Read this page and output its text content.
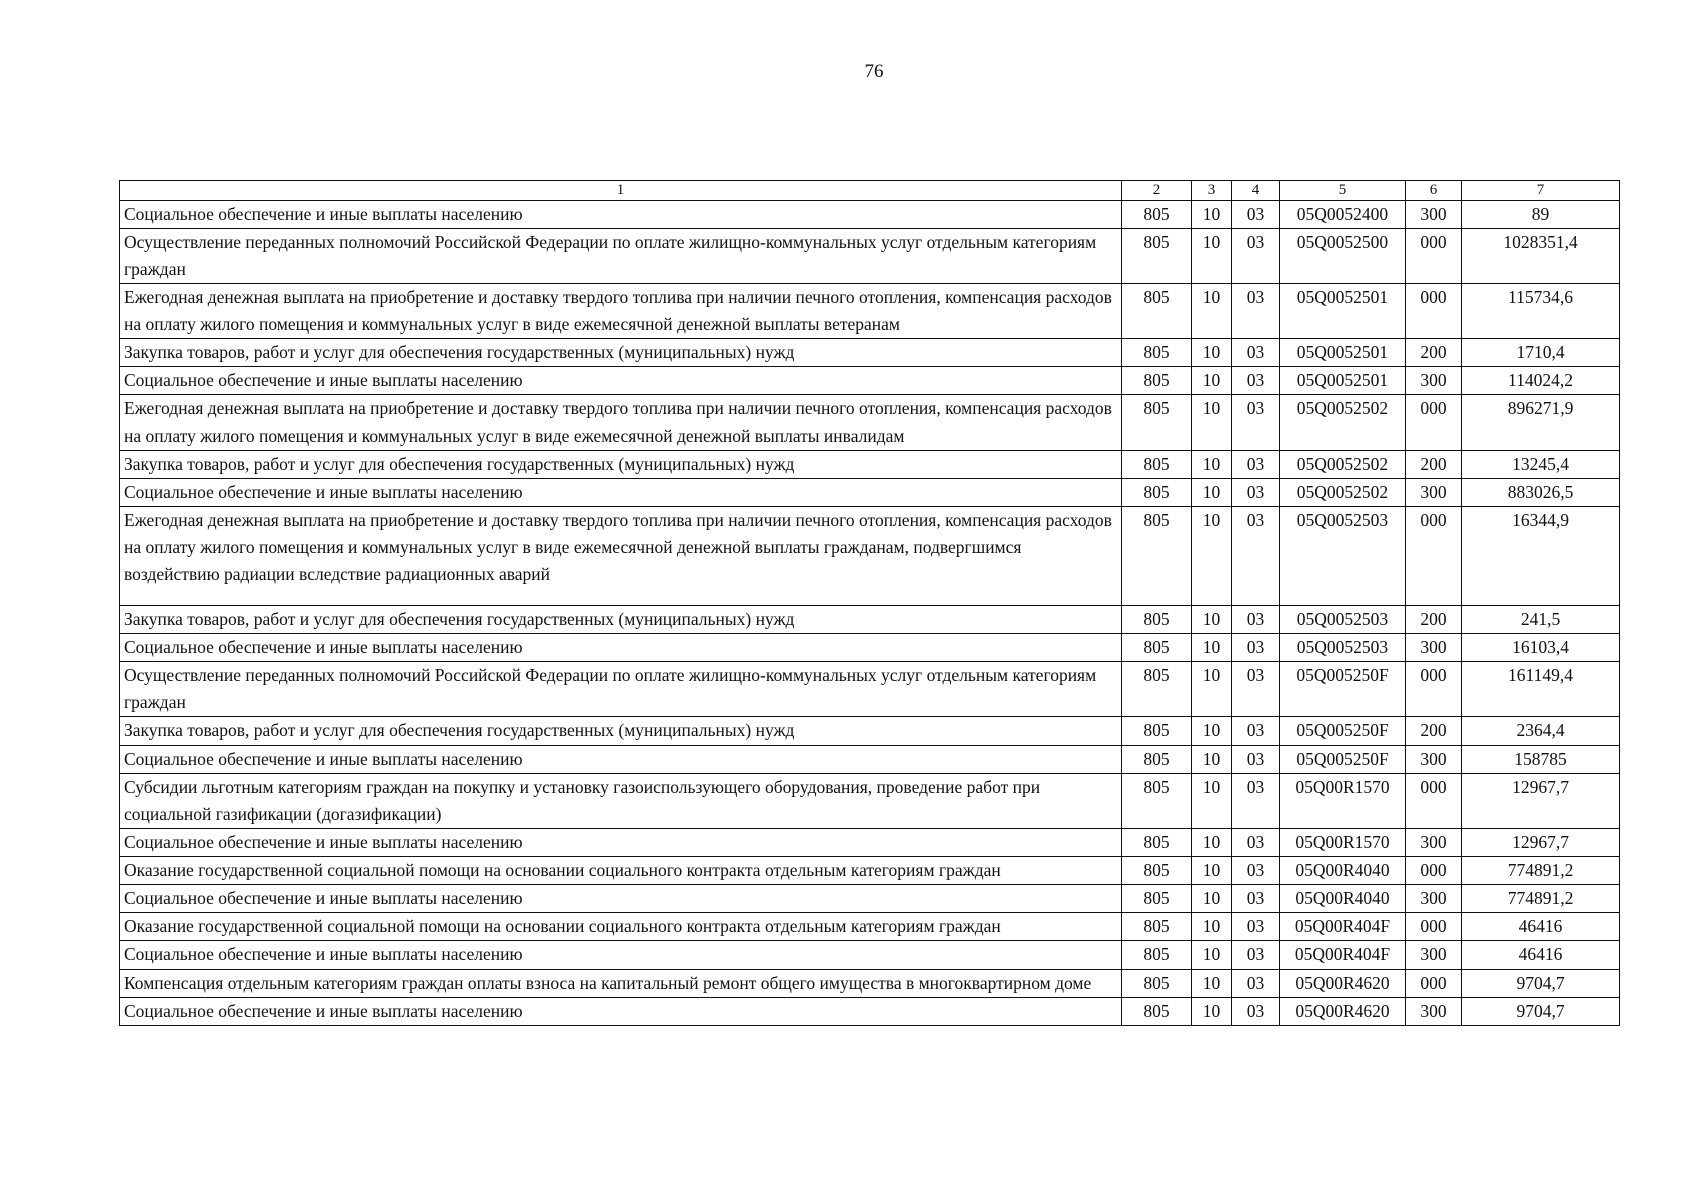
76
1	2	3	4	5	6	7
Социальное обеспечение и иные выплаты населению	805	10	03	05Q0052400	300	89
Осуществление переданных полномочий Российской Федерации по оплате жилищно-коммунальных услуг отдельным категориям граждан	805	10	03	05Q0052500	000	1028351,4
Ежегодная денежная выплата на приобретение и доставку твердого топлива при наличии печного отопления, компенсация расходов на оплату жилого помещения и коммунальных услуг в виде ежемесячной денежной выплаты ветеранам	805	10	03	05Q0052501	000	115734,6
Закупка товаров, работ и услуг для обеспечения государственных (муниципальных) нужд	805	10	03	05Q0052501	200	1710,4
Социальное обеспечение и иные выплаты населению	805	10	03	05Q0052501	300	114024,2
Ежегодная денежная выплата на приобретение и доставку твердого топлива при наличии печного отопления, компенсация расходов на оплату жилого помещения и коммунальных услуг в виде ежемесячной денежной выплаты инвалидам	805	10	03	05Q0052502	000	896271,9
Закупка товаров, работ и услуг для обеспечения государственных (муниципальных) нужд	805	10	03	05Q0052502	200	13245,4
Социальное обеспечение и иные выплаты населению	805	10	03	05Q0052502	300	883026,5
Ежегодная денежная выплата на приобретение и доставку твердого топлива при наличии печного отопления, компенсация расходов на оплату жилого помещения и коммунальных услуг в виде ежемесячной денежной выплаты гражданам, подвергшимся воздействию радиации вследствие радиационных аварий	805	10	03	05Q0052503	000	16344,9
Закупка товаров, работ и услуг для обеспечения государственных (муниципальных) нужд	805	10	03	05Q0052503	200	241,5
Социальное обеспечение и иные выплаты населению	805	10	03	05Q0052503	300	16103,4
Осуществление переданных полномочий Российской Федерации по оплате жилищно-коммунальных услуг отдельным категориям граждан	805	10	03	05Q005250F	000	161149,4
Закупка товаров, работ и услуг для обеспечения государственных (муниципальных) нужд	805	10	03	05Q005250F	200	2364,4
Социальное обеспечение и иные выплаты населению	805	10	03	05Q005250F	300	158785
Субсидии льготным категориям граждан на покупку и установку газоиспользующего оборудования, проведение работ при социальной газификации (догазификации)	805	10	03	05Q00R1570	000	12967,7
Социальное обеспечение и иные выплаты населению	805	10	03	05Q00R1570	300	12967,7
Оказание государственной социальной помощи на основании социального контракта отдельным категориям граждан	805	10	03	05Q00R4040	000	774891,2
Социальное обеспечение и иные выплаты населению	805	10	03	05Q00R4040	300	774891,2
Оказание государственной социальной помощи на основании социального контракта отдельным категориям граждан	805	10	03	05Q00R404F	000	46416
Социальное обеспечение и иные выплаты населению	805	10	03	05Q00R404F	300	46416
Компенсация отдельным категориям граждан оплаты взноса на капитальный ремонт общего имущества в многоквартирном доме	805	10	03	05Q00R4620	000	9704,7
Социальное обеспечение и иные выплаты населению	805	10	03	05Q00R4620	300	9704,7
